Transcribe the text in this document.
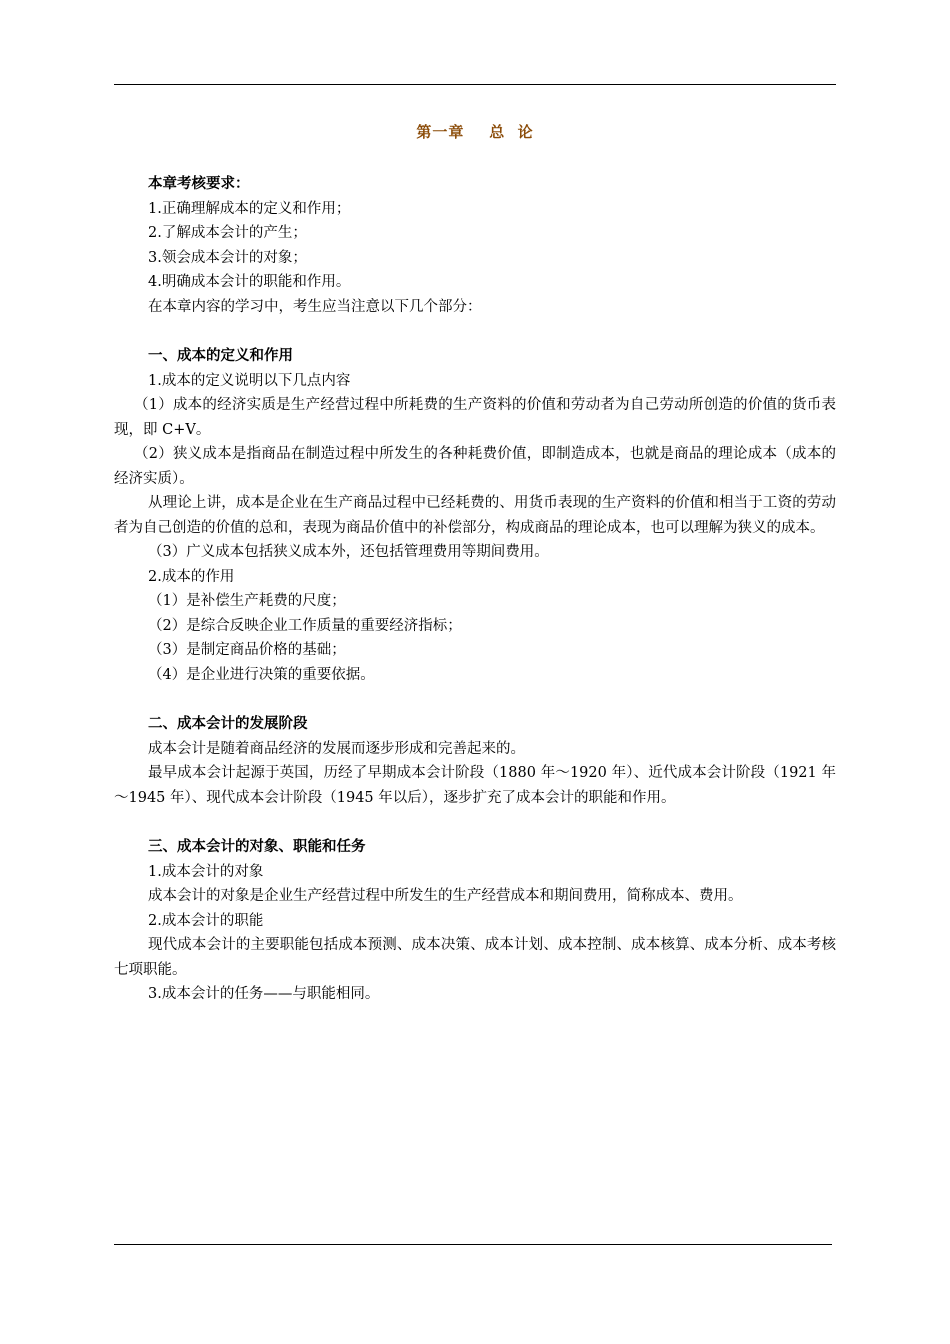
第一章    总  论

本章考核要求：

1.正确理解成本的定义和作用；

2.了解成本会计的产生；

3.领会成本会计的对象；

4.明确成本会计的职能和作用。

在本章内容的学习中，考生应当注意以下几个部分：

一、成本的定义和作用

1.成本的定义说明以下几点内容

（1）成本的经济实质是生产经营过程中所耗费的生产资料的价值和劳动者为自己劳动所创造的价值的货币表现，即 C+V。

（2）狭义成本是指商品在制造过程中所发生的各种耗费价值，即制造成本，也就是商品的理论成本（成本的经济实质）。

从理论上讲，成本是企业在生产商品过程中已经耗费的、用货币表现的生产资料的价值和相当于工资的劳动者为自己创造的价值的总和，表现为商品价值中的补偿部分，构成商品的理论成本，也可以理解为狭义的成本。

（3）广义成本包括狭义成本外，还包括管理费用等期间费用。

2.成本的作用

（1）是补偿生产耗费的尺度；

（2）是综合反映企业工作质量的重要经济指标；

（3）是制定商品价格的基础；

（4）是企业进行决策的重要依据。

二、成本会计的发展阶段

成本会计是随着商品经济的发展而逐步形成和完善起来的。

最早成本会计起源于英国，历经了早期成本会计阶段（1880 年～1920 年）、近代成本会计阶段（1921 年～1945 年）、现代成本会计阶段（1945 年以后），逐步扩充了成本会计的职能和作用。

三、成本会计的对象、职能和任务

1.成本会计的对象

成本会计的对象是企业生产经营过程中所发生的生产经营成本和期间费用，简称成本、费用。

2.成本会计的职能

现代成本会计的主要职能包括成本预测、成本决策、成本计划、成本控制、成本核算、成本分析、成本考核七项职能。

3.成本会计的任务——与职能相同。
